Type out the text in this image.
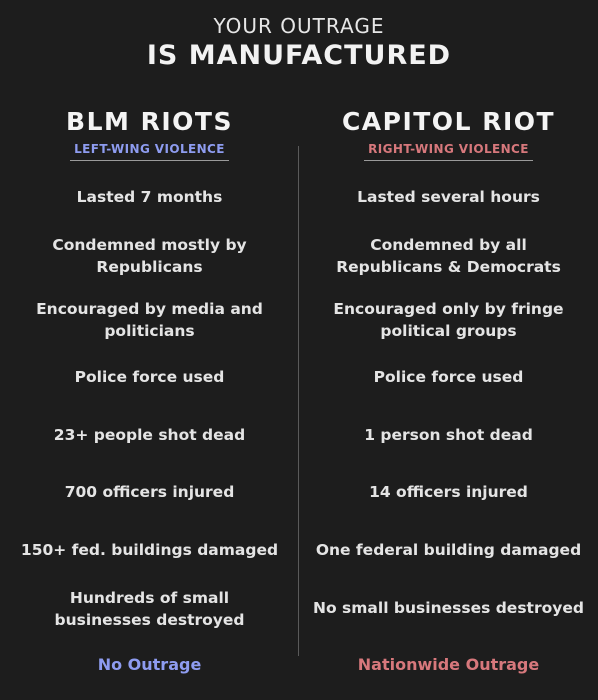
YOUR OUTRAGE
IS MANUFACTURED
BLM RIOTS
LEFT-WING VIOLENCE
Lasted 7 months
Condemned mostly by
Republicans
Encouraged by media and
politicians
Police force used
23+ people shot dead
700 officers injured
150+ fed. buildings damaged
Hundreds of small
businesses destroyed
No Outrage
CAPITOL RIOT
RIGHT-WING VIOLENCE
Lasted several hours
Condemned by all
Republicans & Democrats
Encouraged only by fringe
political groups
Police force used
1 person shot dead
14 officers injured
One federal building damaged
No small businesses destroyed
Nationwide Outrage
